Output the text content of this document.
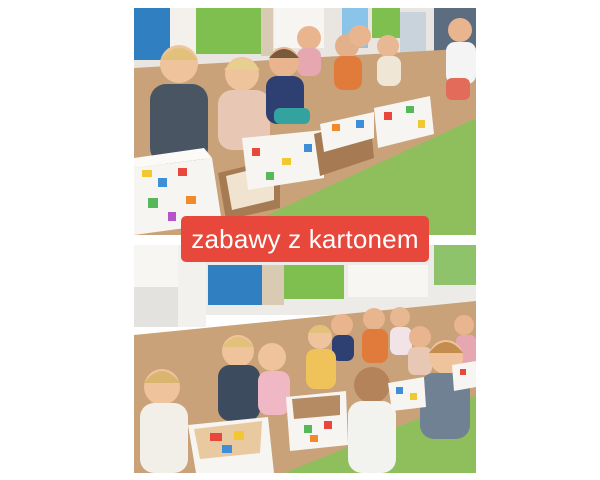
zabawy z kartonem
